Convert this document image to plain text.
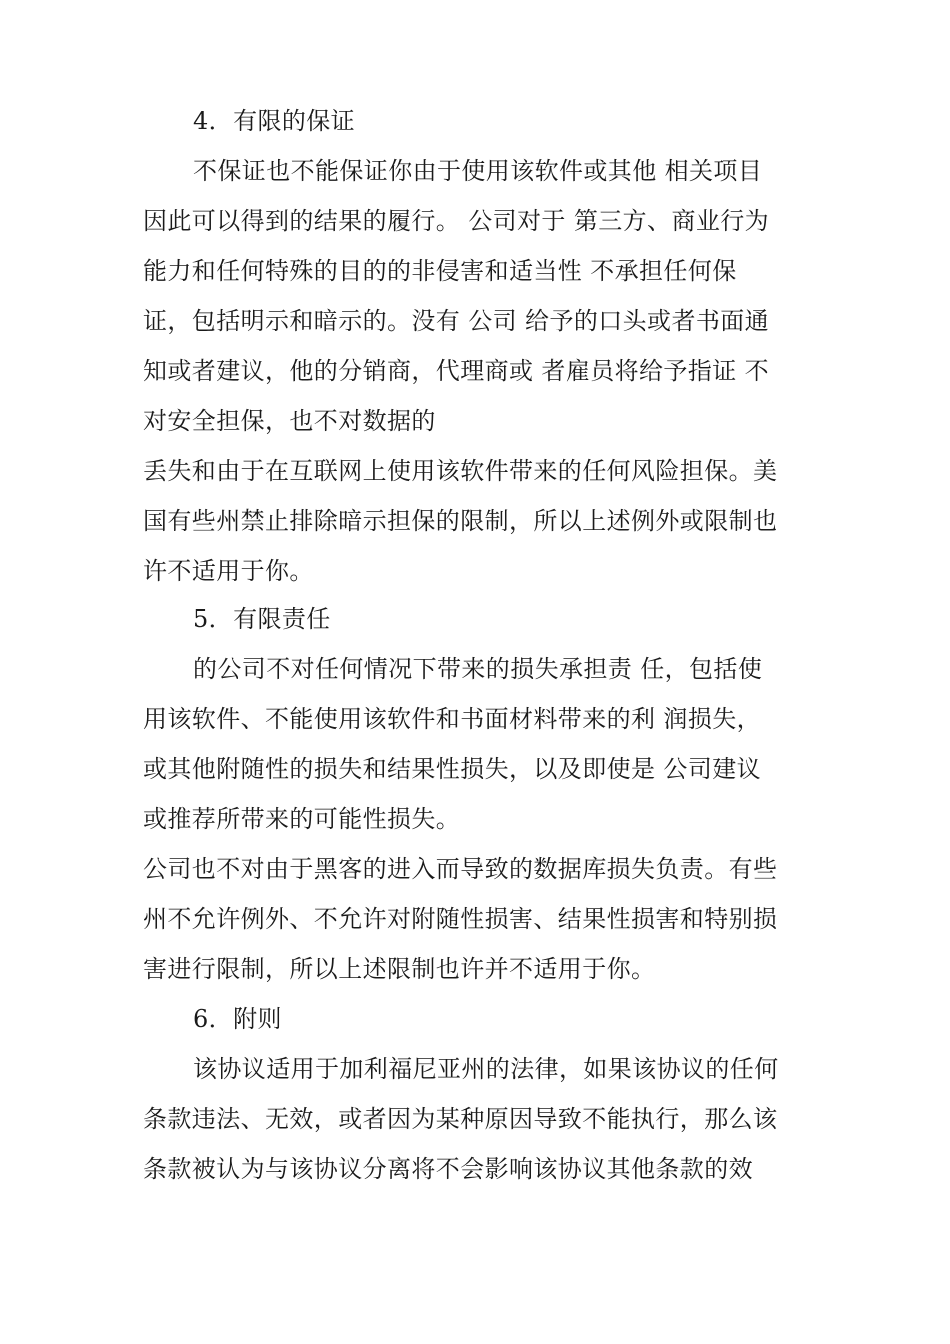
4．有限的保证
不保证也不能保证你由于使用该软件或其他 相关项目
因此可以得到的结果的履行。 公司对于 第三方、商业行为
能力和任何特殊的目的的非侵害和适当性 不承担任何保
证，包括明示和暗示的。没有 公司 给予的口头或者书面通
知或者建议，他的分销商，代理商或 者雇员将给予指证 不
对安全担保，也不对数据的
丢失和由于在互联网上使用该软件带来的任何风险担保。美
国有些州禁止排除暗示担保的限制，所以上述例外或限制也
许不适用于你。
5．有限责任
的公司不对任何情况下带来的损失承担责 任，包括使
用该软件、不能使用该软件和书面材料带来的利 润损失，
或其他附随性的损失和结果性损失，以及即使是 公司建议
或推荐所带来的可能性损失。
公司也不对由于黑客的进入而导致的数据库损失负责。有些
州不允许例外、不允许对附随性损害、结果性损害和特别损
害进行限制，所以上述限制也许并不适用于你。
6．附则
该协议适用于加利福尼亚州的法律，如果该协议的任何
条款违法、无效，或者因为某种原因导致不能执行，那么该
条款被认为与该协议分离将不会影响该协议其他条款的效
